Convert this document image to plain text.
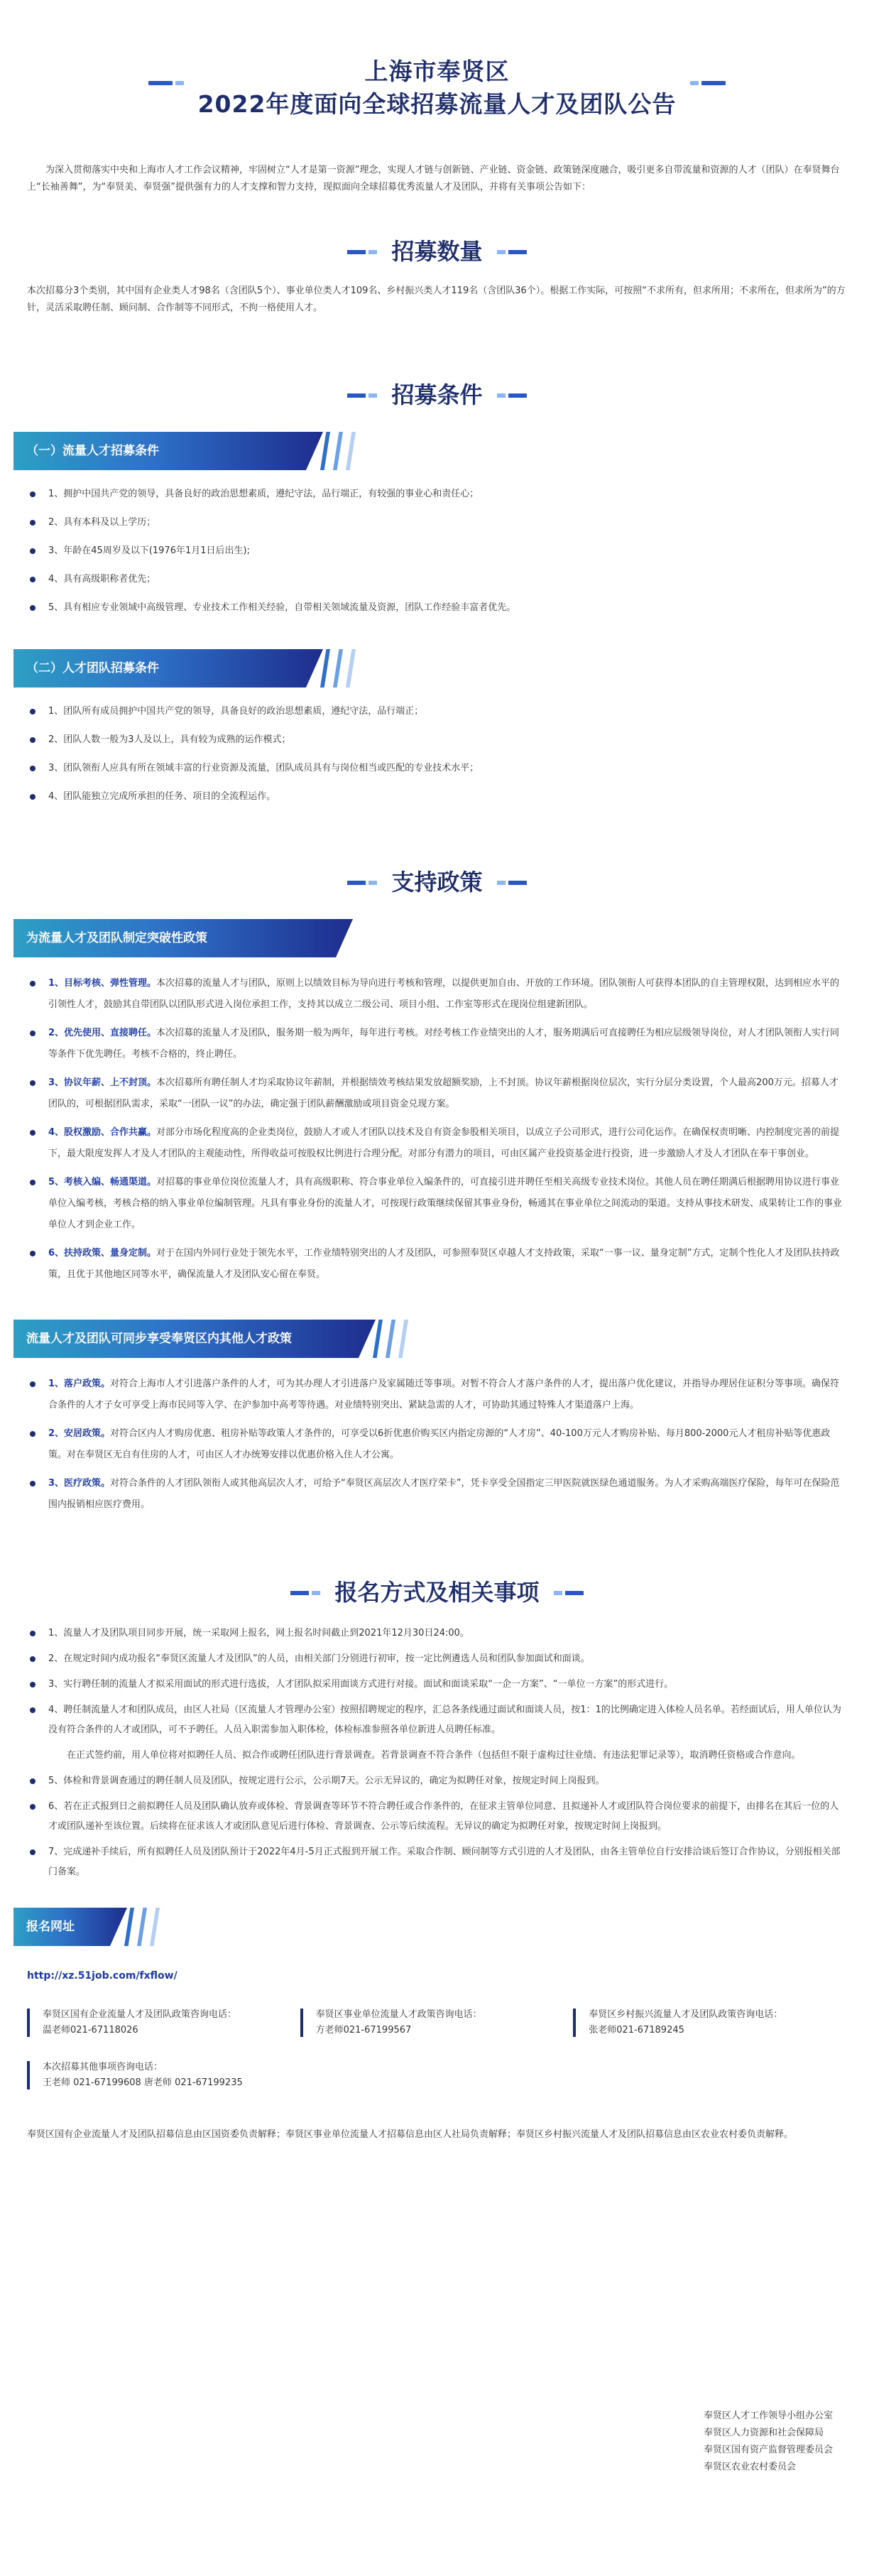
上海市奉贤区
2022年度面向全球招募流量人才及团队公告

为深入贯彻落实中央和上海市人才工作会议精神，牢固树立“人才是第一资源”理念，实现人才链与创新链、产业链、资金链、政策链深度融合，吸引更多自带流量和资源的人才（团队）在奉贤舞台上“长袖善舞”，为“奉贤美、奉贤强”提供强有力的人才支撑和智力支持，现拟面向全球招募优秀流量人才及团队，并将有关事项公告如下：

招募数量

本次招募分3个类别，其中国有企业类人才98名（含团队5个）、事业单位类人才109名、乡村振兴类人才119名（含团队36个）。根据工作实际，可按照“不求所有，但求所用；不求所在，但求所为”的方针，灵活采取聘任制、顾问制、合作制等不同形式，不拘一格使用人才。

招募条件
（一）流量人才招募条件
1、拥护中国共产党的领导，具备良好的政治思想素质，遵纪守法，品行端正，有较强的事业心和责任心；
2、具有本科及以上学历；
3、年龄在45周岁及以下(1976年1月1日后出生);
4、具有高级职称者优先；
5、具有相应专业领域中高级管理、专业技术工作相关经验，自带相关领域流量及资源，团队工作经验丰富者优先。
（二）人才团队招募条件
1、团队所有成员拥护中国共产党的领导，具备良好的政治思想素质，遵纪守法，品行端正；
2、团队人数一般为3人及以上，具有较为成熟的运作模式；
3、团队领衔人应具有所在领域丰富的行业资源及流量，团队成员具有与岗位相当或匹配的专业技术水平；
4、团队能独立完成所承担的任务、项目的全流程运作。
支持政策
为流量人才及团队制定突破性政策
1、目标考核、弹性管理。本次招募的流量人才与团队，原则上以绩效目标为导向进行考核和管理，以提供更加自由、开放的工作环境。团队领衔人可获得本团队的自主管理权限，达到相应水平的引领性人才，鼓励其自带团队以团队形式进入岗位承担工作，支持其以成立二级公司、项目小组、工作室等形式在现岗位组建新团队。
2、优先使用、直接聘任。本次招募的流量人才及团队，服务期一般为两年，每年进行考核。对经考核工作业绩突出的人才，服务期满后可直接聘任为相应层级领导岗位，对人才团队领衔人实行同等条件下优先聘任。考核不合格的，终止聘任。
3、协议年薪、上不封顶。本次招募所有聘任制人才均采取协议年薪制，并根据绩效考核结果发放超额奖励，上不封顶。协议年薪根据岗位层次，实行分层分类设置，个人最高200万元。招募人才团队的，可根据团队需求，采取“一团队一议”的办法，确定强于团队薪酬激励或项目资金兑现方案。
4、股权激励、合作共赢。对部分市场化程度高的企业类岗位，鼓励人才或人才团队以技术及自有资金参股相关项目，以成立子公司形式，进行公司化运作。在确保权责明晰、内控制度完善的前提下，最大限度发挥人才及人才团队的主观能动性，所得收益可按股权比例进行合理分配。对部分有潜力的项目，可由区属产业投资基金进行投资，进一步激励人才及人才团队在奉干事创业。
5、考核入编、畅通渠道。对招募的事业单位岗位流量人才，具有高级职称、符合事业单位入编条件的，可直接引进并聘任至相关高级专业技术岗位。其他人员在聘任期满后根据聘用协议进行事业单位入编考核，考核合格的纳入事业单位编制管理。凡具有事业身份的流量人才，可按现行政策继续保留其事业身份，畅通其在事业单位之间流动的渠道。支持从事技术研发、成果转让工作的事业单位人才到企业工作。
6、扶持政策、量身定制。对于在国内外同行业处于领先水平，工作业绩特别突出的人才及团队，可参照奉贤区卓越人才支持政策，采取“一事一议、量身定制”方式，定制个性化人才及团队扶持政策，且优于其他地区同等水平，确保流量人才及团队安心留在奉贤。
流量人才及团队可同步享受奉贤区内其他人才政策
1、落户政策。对符合上海市人才引进落户条件的人才，可为其办理人才引进落户及家属随迁等事项。对暂不符合人才落户条件的人才，提出落户优化建议，并指导办理居住证积分等事项。确保符合条件的人才子女可享受上海市民同等入学、在沪参加中高考等待遇。对业绩特别突出、紧缺急需的人才，可协助其通过特殊人才渠道落户上海。
2、安居政策。对符合区内人才购房优惠、租房补贴等政策人才条件的，可享受以6折优惠价购买区内指定房源的“人才房”、40-100万元人才购房补贴、每月800-2000元人才租房补贴等优惠政策。对在奉贤区无自有住房的人才，可由区人才办统筹安排以优惠价格入住人才公寓。
3、医疗政策。对符合条件的人才团队领衔人或其他高层次人才，可给予“奉贤区高层次人才医疗荣卡”，凭卡享受全国指定三甲医院就医绿色通道服务。为人才采购高端医疗保险，每年可在保险范围内报销相应医疗费用。
报名方式及相关事项
1、流量人才及团队项目同步开展，统一采取网上报名，网上报名时间截止到2021年12月30日24:00。
2、在规定时间内成功报名“奉贤区流量人才及团队”的人员，由相关部门分别进行初审，按一定比例遴选人员和团队参加面试和面谈。
3、实行聘任制的流量人才拟采用面试的形式进行选拔，人才团队拟采用面谈方式进行对接。面试和面谈采取“一企一方案”、“一单位一方案”的形式进行。
4、聘任制流量人才和团队成员，由区人社局（区流量人才管理办公室）按照招聘规定的程序，汇总各条线通过面试和面谈人员，按1：1的比例确定进入体检人员名单。若经面试后，用人单位认为没有符合条件的人才或团队，可不予聘任。人员入职需参加入职体检，体检标准参照各单位新进人员聘任标准。
在正式签约前，用人单位将对拟聘任人员、拟合作或聘任团队进行背景调查。若背景调查不符合条件（包括但不限于虚构过往业绩、有违法犯罪记录等），取消聘任资格或合作意向。
5、体检和背景调查通过的聘任制人员及团队，按规定进行公示，公示期7天。公示无异议的，确定为拟聘任对象，按规定时间上岗报到。
6、若在正式报到日之前拟聘任人员及团队确认放弃或体检、背景调查等环节不符合聘任或合作条件的，在征求主管单位同意、且拟递补人才或团队符合岗位要求的前提下，由排名在其后一位的人才或团队递补至该位置。后续将在征求该人才或团队意见后进行体检、背景调查、公示等后续流程。无异议的确定为拟聘任对象，按规定时间上岗报到。
7、完成递补手续后，所有拟聘任人员及团队预计于2022年4月-5月正式报到开展工作。采取合作制、顾问制等方式引进的人才及团队，由各主管单位自行安排洽谈后签订合作协议，分别报相关部门备案。
报名网址

http://xz.51job.com/fxflow/

奉贤区国有企业流量人才及团队政策咨询电话：
温老师021-67118026
奉贤区事业单位流量人才政策咨询电话：
方老师021-67199567
奉贤区乡村振兴流量人才及团队政策咨询电话：
张老师021-67189245
本次招募其他事项咨询电话：
王老师 021-67199608 唐老师 021-67199235

奉贤区国有企业流量人才及团队招募信息由区国资委负责解释；奉贤区事业单位流量人才招募信息由区人社局负责解释；奉贤区乡村振兴流量人才及团队招募信息由区农业农村委负责解释。

奉贤区人才工作领导小组办公室
奉贤区人力资源和社会保障局
奉贤区国有资产监督管理委员会
奉贤区农业农村委员会
